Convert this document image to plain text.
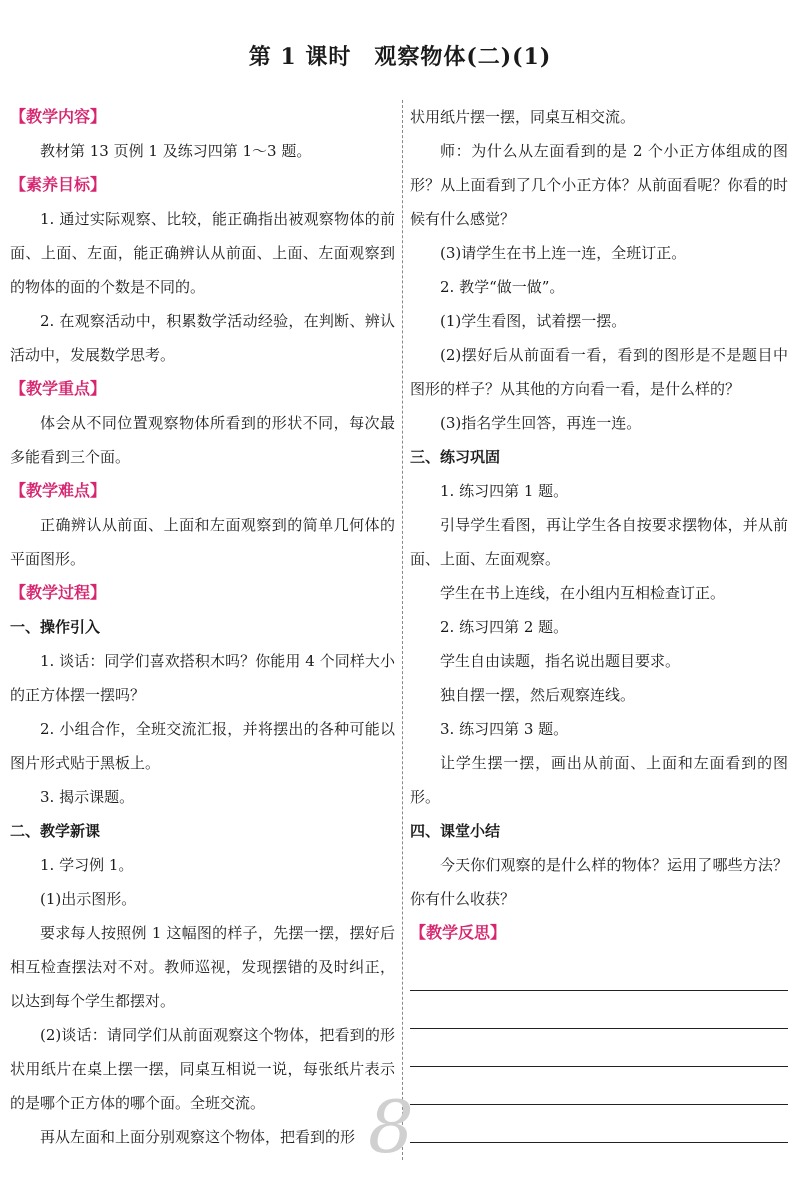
第 1 课时　观察物体(二)(1)
【教学内容】

教材第 13 页例 1 及练习四第 1～3 题。

【素养目标】

1. 通过实际观察、比较，能正确指出被观察物体的前面、上面、左面，能正确辨认从前面、上面、左面观察到的物体的面的个数是不同的。

2. 在观察活动中，积累数学活动经验，在判断、辨认活动中，发展数学思考。

【教学重点】

体会从不同位置观察物体所看到的形状不同，每次最多能看到三个面。

【教学难点】

正确辨认从前面、上面和左面观察到的简单几何体的平面图形。

【教学过程】
一、操作引入

1. 谈话：同学们喜欢搭积木吗？你能用 4 个同样大小的正方体摆一摆吗？

2. 小组合作，全班交流汇报，并将摆出的各种可能以图片形式贴于黑板上。

3. 揭示课题。

二、教学新课

1. 学习例 1。

(1)出示图形。

要求每人按照例 1 这幅图的样子，先摆一摆，摆好后相互检查摆法对不对。教师巡视，发现摆错的及时纠正，以达到每个学生都摆对。

(2)谈话：请同学们从前面观察这个物体，把看到的形状用纸片在桌上摆一摆，同桌互相说一说，每张纸片表示的是哪个正方体的哪个面。全班交流。

再从左面和上面分别观察这个物体，把看到的形

状用纸片摆一摆，同桌互相交流。

师：为什么从左面看到的是 2 个小正方体组成的图形？从上面看到了几个小正方体？从前面看呢？你看的时候有什么感觉？

(3)请学生在书上连一连，全班订正。

2. 教学“做一做”。

(1)学生看图，试着摆一摆。

(2)摆好后从前面看一看，看到的图形是不是题目中图形的样子？从其他的方向看一看，是什么样的？

(3)指名学生回答，再连一连。

三、练习巩固

1. 练习四第 1 题。

引导学生看图，再让学生各自按要求摆物体，并从前面、上面、左面观察。

学生在书上连线，在小组内互相检查订正。

2. 练习四第 2 题。

学生自由读题，指名说出题目要求。

独自摆一摆，然后观察连线。

3. 练习四第 3 题。

让学生摆一摆，画出从前面、上面和左面看到的图形。

四、课堂小结

今天你们观察的是什么样的物体？运用了哪些方法？你有什么收获？

【教学反思】
8
